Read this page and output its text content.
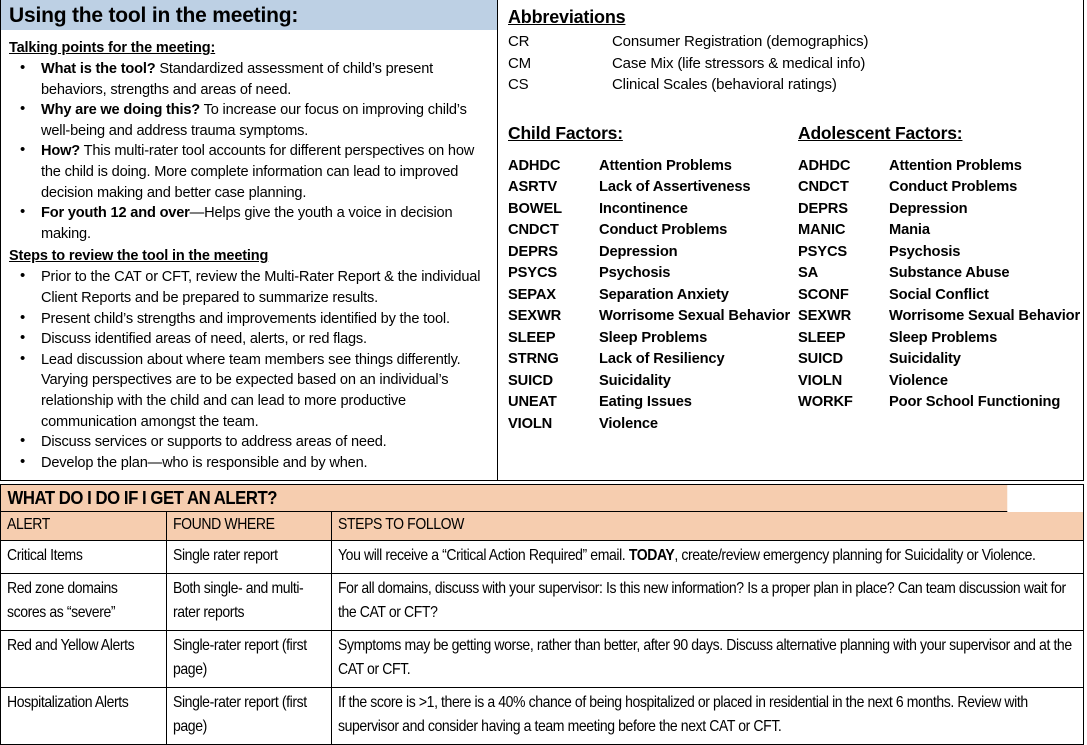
Using the tool in the meeting:
Talking points for the meeting:
• What is the tool? Standardized assessment of child’s present behaviors, strengths and areas of need.
• Why are we doing this? To increase our focus on improving child’s well-being and address trauma symptoms.
• How? This multi-rater tool accounts for different perspectives on how the child is doing. More complete information can lead to improved decision making and better case planning.
• For youth 12 and over—Helps give the youth a voice in decision making.
Steps to review the tool in the meeting
• Prior to the CAT or CFT, review the Multi-Rater Report & the individual Client Reports and be prepared to summarize results.
• Present child’s strengths and improvements identified by the tool.
• Discuss identified areas of need, alerts, or red flags.
• Lead discussion about where team members see things differently. Varying perspectives are to be expected based on an individual’s relationship with the child and can lead to more productive communication amongst the team.
• Discuss services or supports to address areas of need.
• Develop the plan—who is responsible and by when.
Abbreviations
CR	Consumer Registration (demographics)
CM	Case Mix (life stressors & medical info)
CS	Clinical Scales (behavioral ratings)
Child Factors:
ADHDC	Attention Problems
ASRTV	Lack of Assertiveness
BOWEL	Incontinence
CNDCT	Conduct Problems
DEPRS	Depression
PSYCS	Psychosis
SEPAX	Separation Anxiety
SEXWR	Worrisome Sexual Behavior
SLEEP	Sleep Problems
STRNG	Lack of Resiliency
SUICD	Suicidality
UNEAT	Eating Issues
VIOLN	Violence
Adolescent Factors:
ADHDC	Attention Problems
CNDCT	Conduct Problems
DEPRS	Depression
MANIC	Mania
PSYCS	Psychosis
SA	Substance Abuse
SCONF	Social Conflict
SEXWR	Worrisome Sexual Behavior
SLEEP	Sleep Problems
SUICD	Suicidality
VIOLN	Violence
WORKF	Poor School Functioning
WHAT DO I DO IF I GET AN ALERT?
ALERT	FOUND WHERE	STEPS TO FOLLOW
Critical Items	Single rater report	You will receive a “Critical Action Required” email. TODAY, create/review emergency planning for Suicidality or Violence.
Red zone domains scores as “severe”	Both single- and multi-rater reports	For all domains, discuss with your supervisor: Is this new information? Is a proper plan in place? Can team discussion wait for the CAT or CFT?
Red and Yellow Alerts	Single-rater report (first page)	Symptoms may be getting worse, rather than better, after 90 days. Discuss alternative planning with your supervisor and at the CAT or CFT.
Hospitalization Alerts	Single-rater report (first page)	If the score is >1, there is a 40% chance of being hospitalized or placed in residential in the next 6 months. Review with supervisor and consider having a team meeting before the next CAT or CFT.
